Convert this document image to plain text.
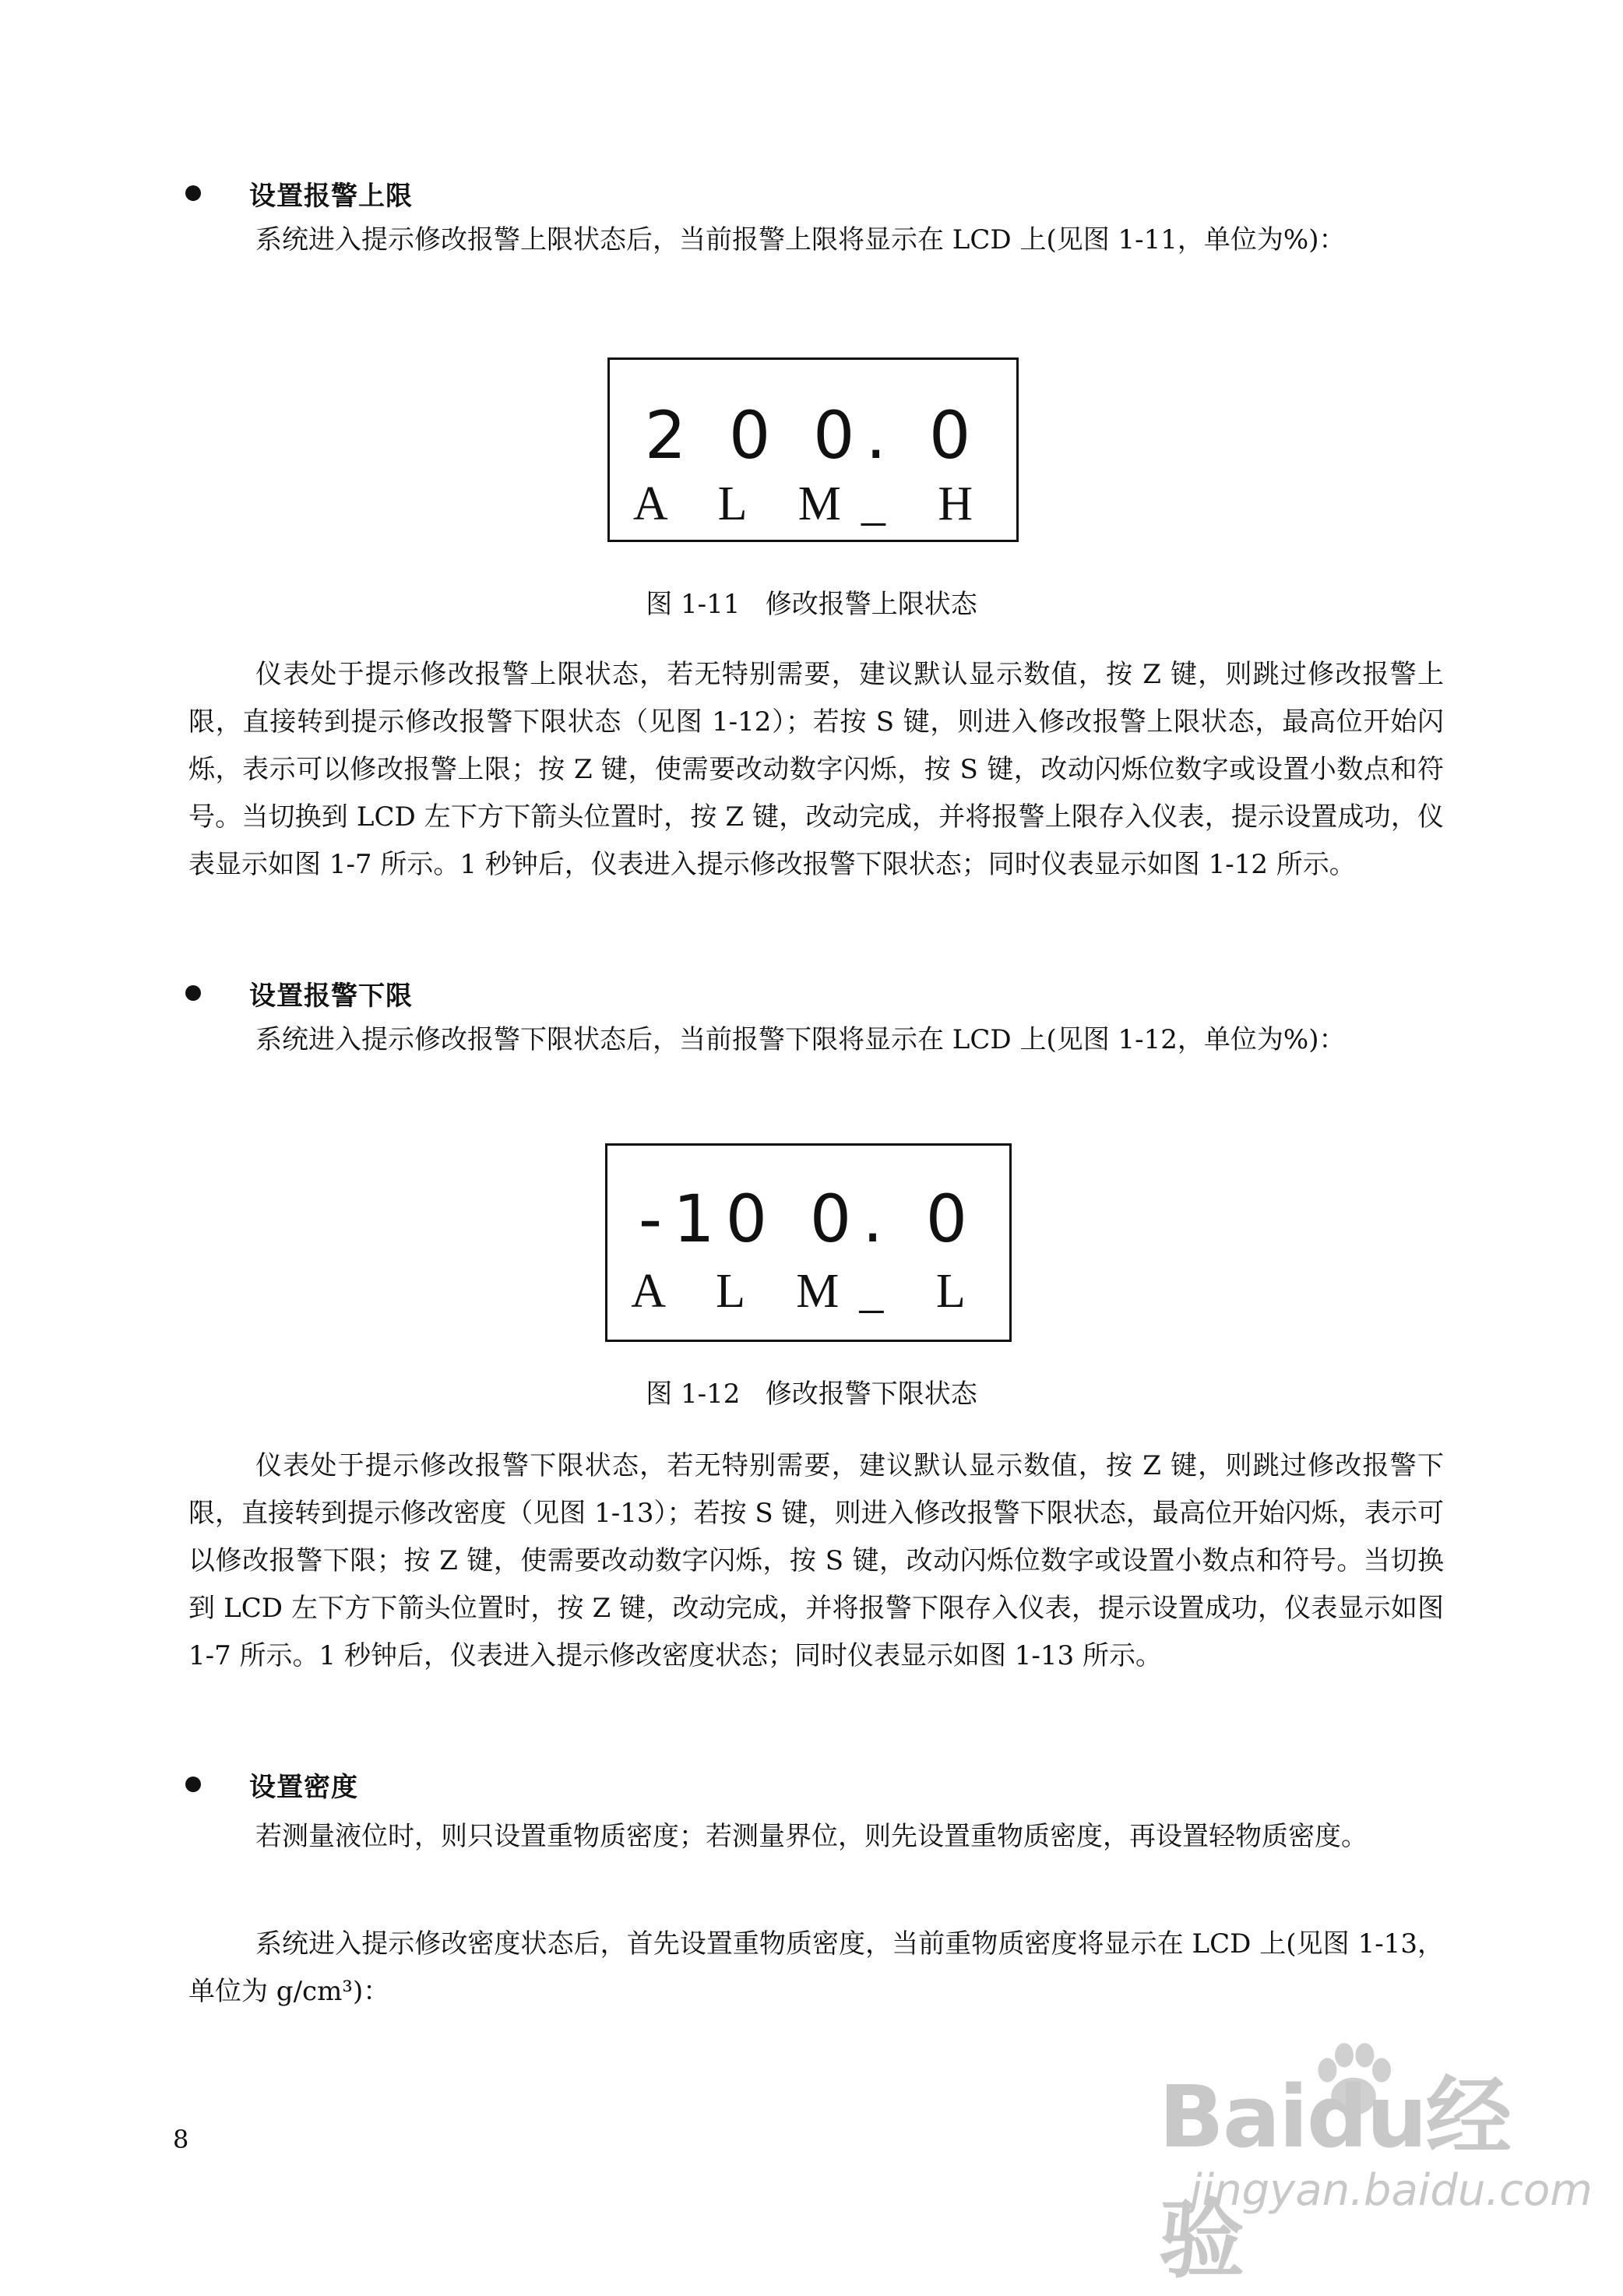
设置报警上限

系统进入提示修改报警上限状态后，当前报警上限将显示在 LCD 上(见图 1-11，单位为%)：

2 0 0. 0
A L M_ H
图 1-11   修改报警上限状态

仪表处于提示修改报警上限状态，若无特别需要，建议默认显示数值，按 Z 键，则跳过修改报警上限，直接转到提示修改报警下限状态（见图 1-12）；若按 S 键，则进入修改报警上限状态，最高位开始闪烁，表示可以修改报警上限；按 Z 键，使需要改动数字闪烁，按 S 键，改动闪烁位数字或设置小数点和符号。当切换到 LCD 左下方下箭头位置时，按 Z 键，改动完成，并将报警上限存入仪表，提示设置成功，仪表显示如图 1-7 所示。1 秒钟后，仪表进入提示修改报警下限状态；同时仪表显示如图 1-12 所示。

设置报警下限

系统进入提示修改报警下限状态后，当前报警下限将显示在 LCD 上(见图 1-12，单位为%)：

-10 0. 0
A L M_ L
图 1-12   修改报警下限状态

仪表处于提示修改报警下限状态，若无特别需要，建议默认显示数值，按 Z 键，则跳过修改报警下限，直接转到提示修改密度（见图 1-13）；若按 S 键，则进入修改报警下限状态，最高位开始闪烁，表示可以修改报警下限；按 Z 键，使需要改动数字闪烁，按 S 键，改动闪烁位数字或设置小数点和符号。当切换到 LCD 左下方下箭头位置时，按 Z 键，改动完成，并将报警下限存入仪表，提示设置成功，仪表显示如图 1-7 所示。1 秒钟后，仪表进入提示修改密度状态；同时仪表显示如图 1-13 所示。

设置密度

若测量液位时，则只设置重物质密度；若测量界位，则先设置重物质密度，再设置轻物质密度。

系统进入提示修改密度状态后，首先设置重物质密度，当前重物质密度将显示在 LCD 上(见图 1-13，单位为 g/cm³)：

8	Baidu经验
jingyan.baidu.com
